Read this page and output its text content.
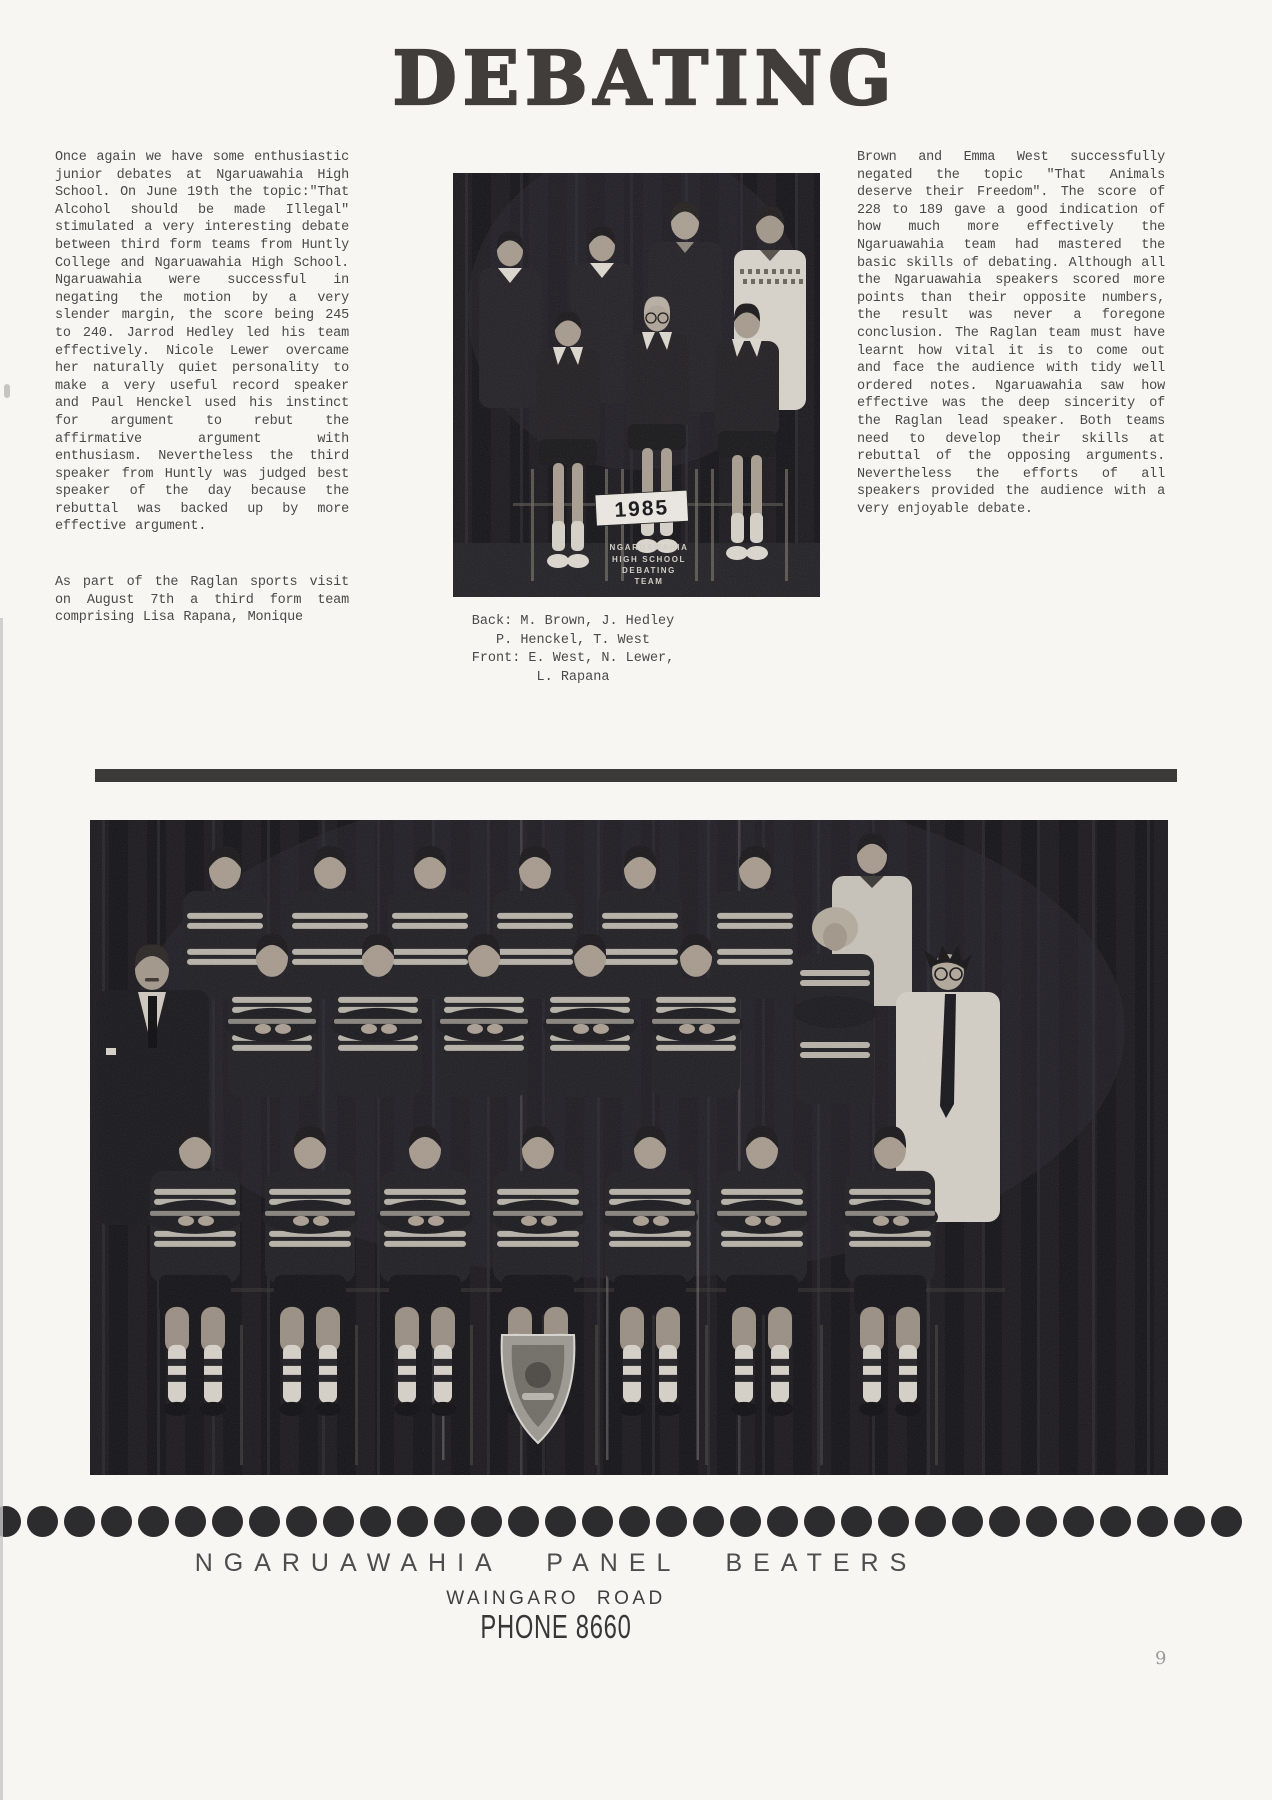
DEBATING

Once again we have some enthusiastic junior debates at Ngaruawahia High School. On June 19th the topic:"That Alcohol should be made Illegal" stimulated a very interesting debate between third form teams from Huntly College and Ngaruawahia High School. Ngaruawahia were successful in negating the motion by a very slender margin, the score being 245 to 240. Jarrod Hedley led his team effectively. Nicole Lewer overcame her naturally quiet personality to make a very useful record speaker and Paul Henckel used his instinct for argument to rebut the affirmative argument with enthusiasm. Nevertheless the third speaker from Huntly was judged best speaker of the day because the rebuttal was backed up by more effective argument.

As part of the Raglan sports visit on August 7th a third form team comprising Lisa Rapana, Monique

Brown and Emma West successfully negated the topic "That Animals deserve their Freedom". The score of 228 to 189 gave a good indication of how much more effectively the Ngaruawahia team had mastered the basic skills of debating. Although all the Ngaruawahia speakers scored more points than their opposite numbers, the result was never a foregone conclusion. The Raglan team must have learnt how vital it is to come out and face the audience with tidy well ordered notes. Ngaruawahia saw how effective was the deep sincerity of the Raglan lead speaker. Both teams need to develop their skills at rebuttal of the opposing arguments. Nevertheless the efforts of all speakers provided the audience with a very enjoyable debate.

NGARUAWAHIA
HIGH SCHOOL
DEBATING
TEAM
1985
Back: M. Brown, J. Hedley
P. Henckel, T. West
Front: E. West, N. Lewer,
L. Rapana
NGARUAWAHIA PANEL BEATERS
WAINGARO ROAD
PHONE 8660
9
